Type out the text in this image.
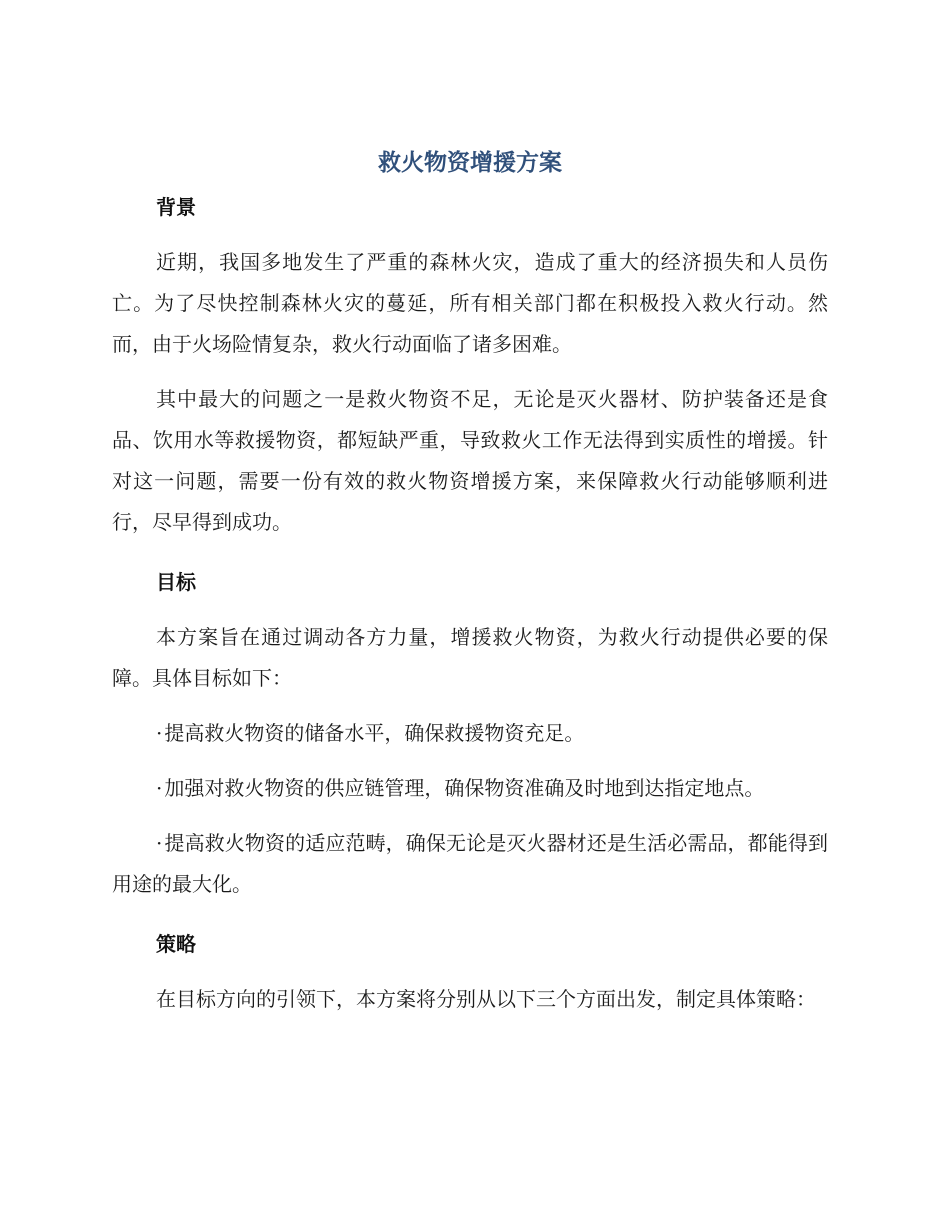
救火物资增援方案
背景

近期，我国多地发生了严重的森林火灾，造成了重大的经济损失和人员伤亡。为了尽快控制森林火灾的蔓延，所有相关部门都在积极投入救火行动。然而，由于火场险情复杂，救火行动面临了诸多困难。

其中最大的问题之一是救火物资不足，无论是灭火器材、防护装备还是食品、饮用水等救援物资，都短缺严重，导致救火工作无法得到实质性的增援。针对这一问题，需要一份有效的救火物资增援方案，来保障救火行动能够顺利进行，尽早得到成功。

目标

本方案旨在通过调动各方力量，增援救火物资，为救火行动提供必要的保障。具体目标如下：

· 提高救火物资的储备水平，确保救援物资充足。

· 加强对救火物资的供应链管理，确保物资准确及时地到达指定地点。

· 提高救火物资的适应范畴，确保无论是灭火器材还是生活必需品，都能得到用途的最大化。

策略

在目标方向的引领下，本方案将分别从以下三个方面出发，制定具体策略：
